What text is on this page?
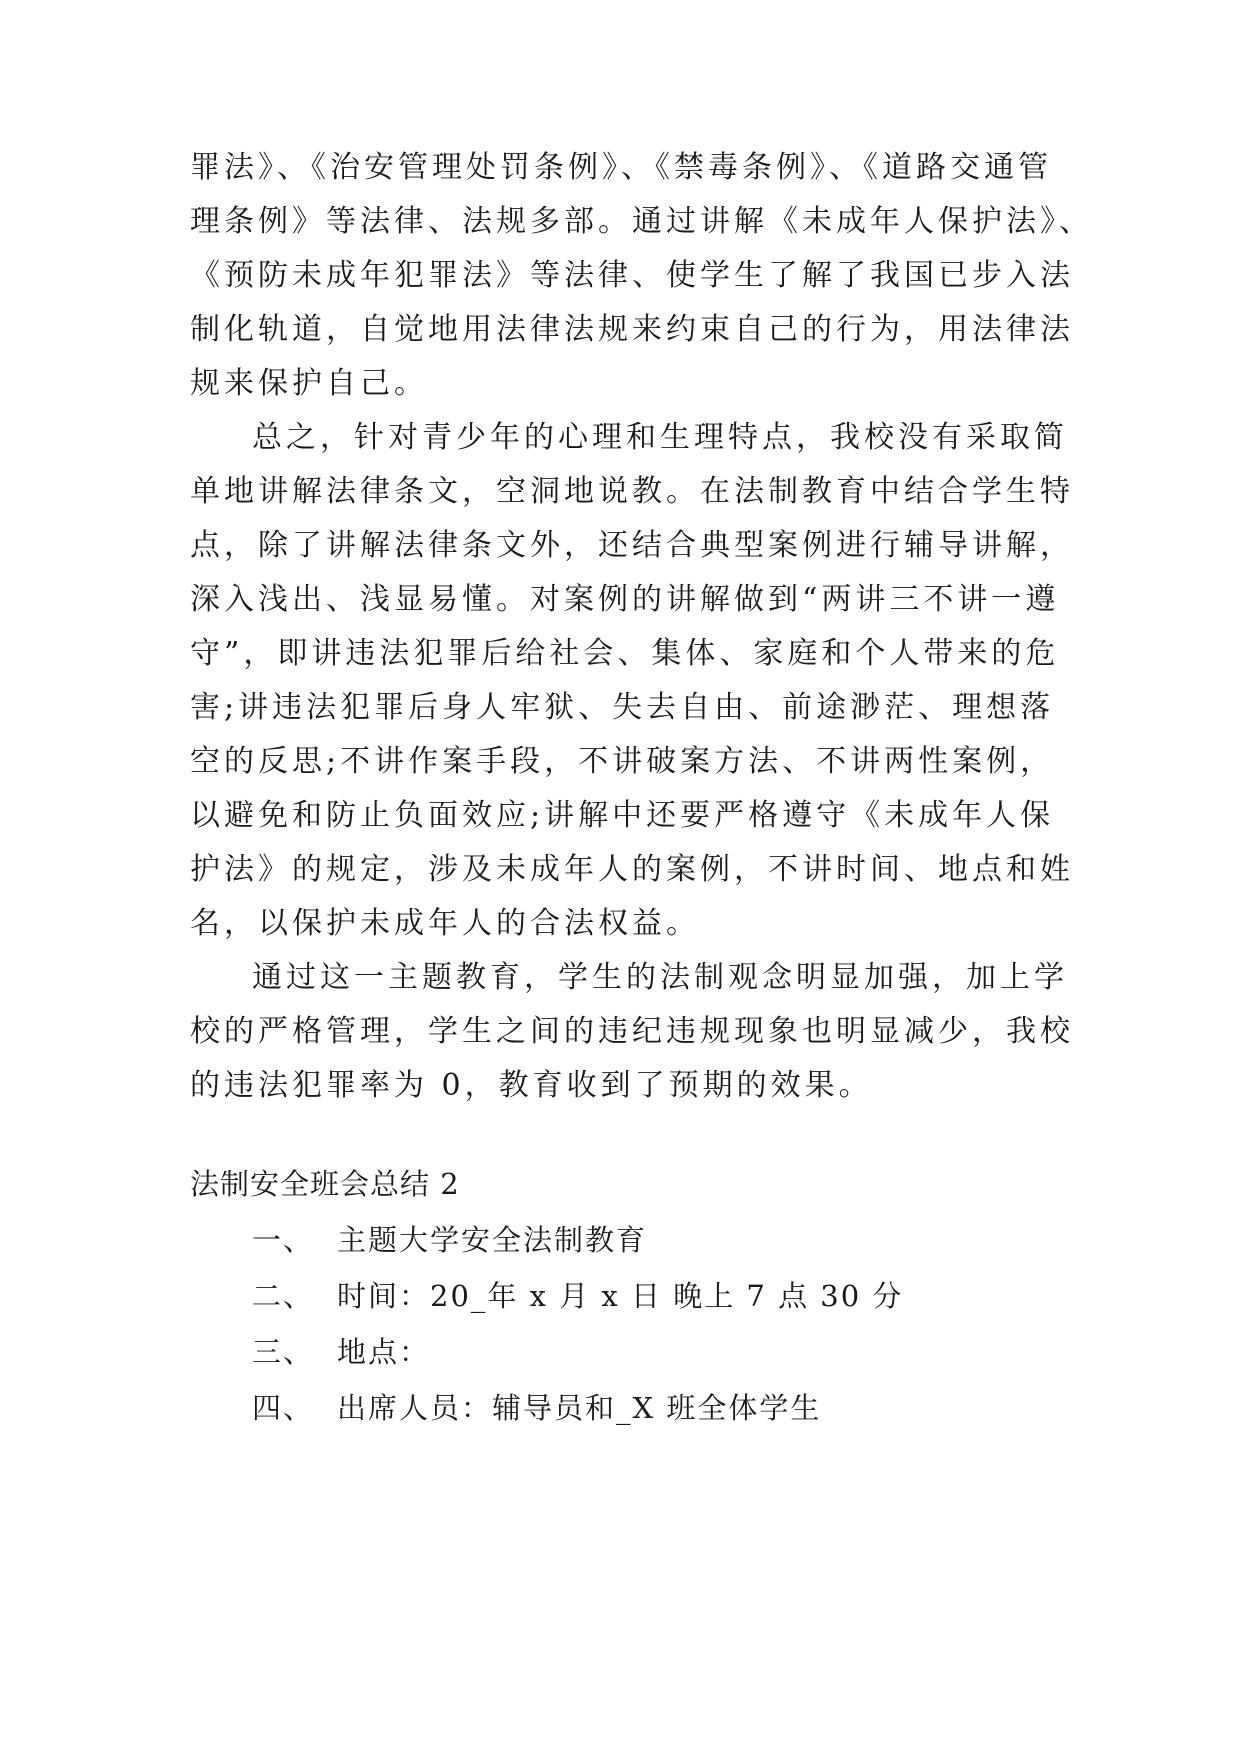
罪法》、《治安管理处罚条例》、《禁毒条例》、《道路交通管
理条例》等法律、法规多部。通过讲解《未成年人保护法》、
《预防未成年犯罪法》等法律、使学生了解了我国已步入法
制化轨道，自觉地用法律法规来约束自己的行为，用法律法
规来保护自己。
总之，针对青少年的心理和生理特点，我校没有采取简
单地讲解法律条文，空洞地说教。在法制教育中结合学生特
点，除了讲解法律条文外，还结合典型案例进行辅导讲解，
深入浅出、浅显易懂。对案例的讲解做到“两讲三不讲一遵
守”，即讲违法犯罪后给社会、集体、家庭和个人带来的危
害;讲违法犯罪后身人牢狱、失去自由、前途渺茫、理想落
空的反思;不讲作案手段，不讲破案方法、不讲两性案例，
以避免和防止负面效应;讲解中还要严格遵守《未成年人保
护法》的规定，涉及未成年人的案例，不讲时间、地点和姓
名，以保护未成年人的合法权益。
通过这一主题教育，学生的法制观念明显加强，加上学
校的严格管理，学生之间的违纪违规现象也明显减少，我校
的违法犯罪率为 0，教育收到了预期的效果。
法制安全班会总结 2
一、 主题大学安全法制教育
二、 时间：20_年 x 月 x 日 晚上 7 点 30 分
三、 地点：
四、 出席人员：辅导员和_X 班全体学生
